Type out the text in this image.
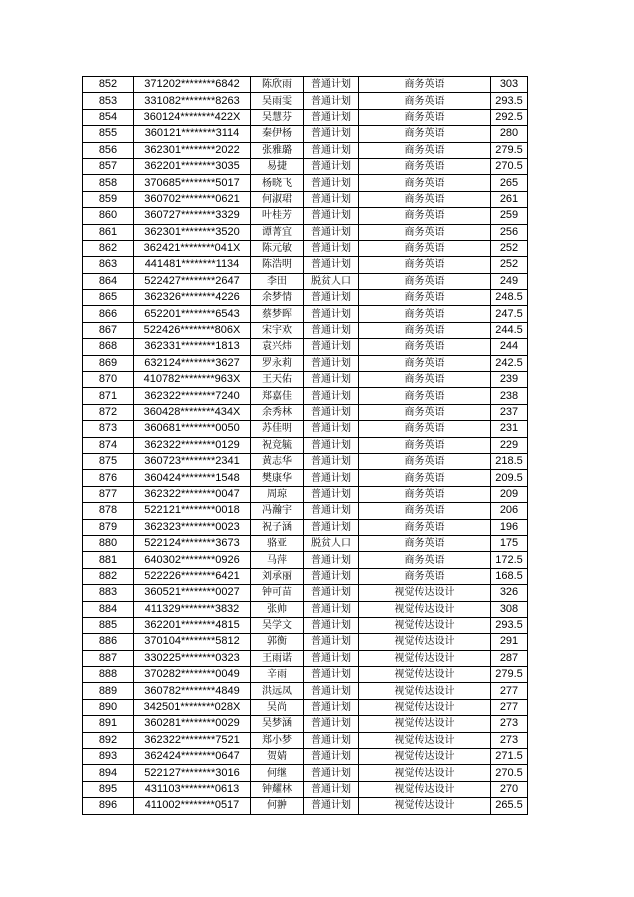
852	371202********6842	陈欣雨	普通计划	商务英语	303
853	331082********8263	吴雨雯	普通计划	商务英语	293.5
854	360124********422X	吴慧芬	普通计划	商务英语	292.5
855	360121********3114	秦伊杨	普通计划	商务英语	280
856	362301********2022	张雅璐	普通计划	商务英语	279.5
857	362201********3035	易捷	普通计划	商务英语	270.5
858	370685********5017	杨晓飞	普通计划	商务英语	265
859	360702********0621	何淑珺	普通计划	商务英语	261
860	360727********3329	叶桂芳	普通计划	商务英语	259
861	362301********3520	谭菁宜	普通计划	商务英语	256
862	362421********041X	陈元敏	普通计划	商务英语	252
863	441481********1134	陈浩明	普通计划	商务英语	252
864	522427********2647	李田	脱贫人口	商务英语	249
865	362326********4226	余梦情	普通计划	商务英语	248.5
866	652201********6543	蔡梦晖	普通计划	商务英语	247.5
867	522426********806X	宋宇欢	普通计划	商务英语	244.5
868	362331********1813	袁兴炜	普通计划	商务英语	244
869	632124********3627	罗永莉	普通计划	商务英语	242.5
870	410782********963X	王天佑	普通计划	商务英语	239
871	362322********7240	郑嘉佳	普通计划	商务英语	238
872	360428********434X	余秀林	普通计划	商务英语	237
873	360681********0050	苏佳明	普通计划	商务英语	231
874	362322********0129	祝竞毓	普通计划	商务英语	229
875	360723********2341	黄志华	普通计划	商务英语	218.5
876	360424********1548	樊康华	普通计划	商务英语	209.5
877	362322********0047	周琼	普通计划	商务英语	209
878	522121********0018	冯瀚宇	普通计划	商务英语	206
879	362323********0023	祝子涵	普通计划	商务英语	196
880	522124********3673	骆亚	脱贫人口	商务英语	175
881	640302********0926	马萍	普通计划	商务英语	172.5
882	522226********6421	刘承丽	普通计划	商务英语	168.5
883	360521********0027	钟可苗	普通计划	视觉传达设计	326
884	411329********3832	张帅	普通计划	视觉传达设计	308
885	362201********4815	吴学文	普通计划	视觉传达设计	293.5
886	370104********5812	郭衡	普通计划	视觉传达设计	291
887	330225********0323	王雨诺	普通计划	视觉传达设计	287
888	370282********0049	辛雨	普通计划	视觉传达设计	279.5
889	360782********4849	洪远凤	普通计划	视觉传达设计	277
890	342501********028X	吴尚	普通计划	视觉传达设计	277
891	360281********0029	吴梦涵	普通计划	视觉传达设计	273
892	362322********7521	郑小梦	普通计划	视觉传达设计	273
893	362424********0647	贺婧	普通计划	视觉传达设计	271.5
894	522127********3016	何继	普通计划	视觉传达设计	270.5
895	431103********0613	钟耀林	普通计划	视觉传达设计	270
896	411002********0517	何翀	普通计划	视觉传达设计	265.5
